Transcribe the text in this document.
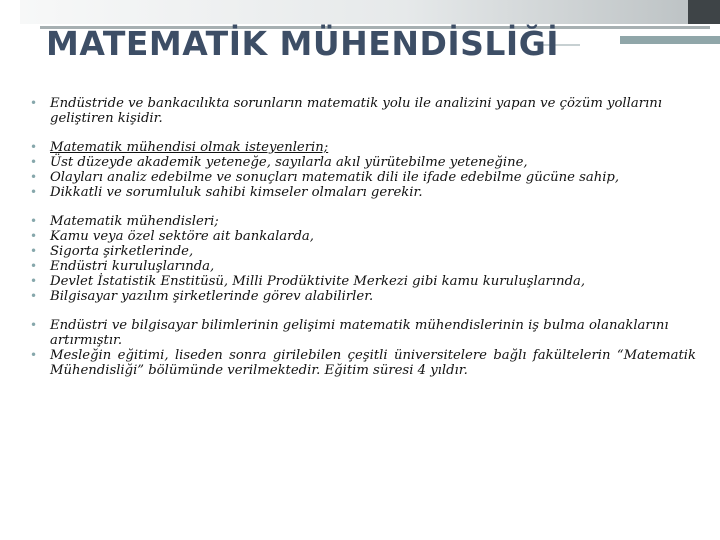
MATEMATİK MÜHENDİSLİĞİ
• Endüstride ve bankacılıkta sorunların matematik yolu ile analizini yapan ve çözüm yollarını geliştiren kişidir.
• Matematik mühendisi olmak isteyenlerin;
• Üst düzeyde akademik yeteneğe, sayılarla akıl yürütebilme yeteneğine,
• Olayları analiz edebilme ve sonuçları matematik dili ile ifade edebilme gücüne sahip,
• Dikkatli ve sorumluluk sahibi kimseler olmaları gerekir.
• Matematik mühendisleri;
• Kamu veya özel sektöre ait bankalarda,
• Sigorta şirketlerinde,
• Endüstri kuruluşlarında,
• Devlet İstatistik Enstitüsü, Milli Prodüktivite Merkezi gibi kamu kuruluşlarında,
• Bilgisayar yazılım şirketlerinde görev alabilirler.
• Endüstri ve bilgisayar bilimlerinin gelişimi matematik mühendislerinin iş bulma olanaklarını artırmıştır.
• Mesleğin eğitimi, liseden sonra girilebilen çeşitli üniversitelere bağlı fakültelerin “Matematik Mühendisliği” bölümünde verilmektedir. Eğitim süresi 4 yıldır.
